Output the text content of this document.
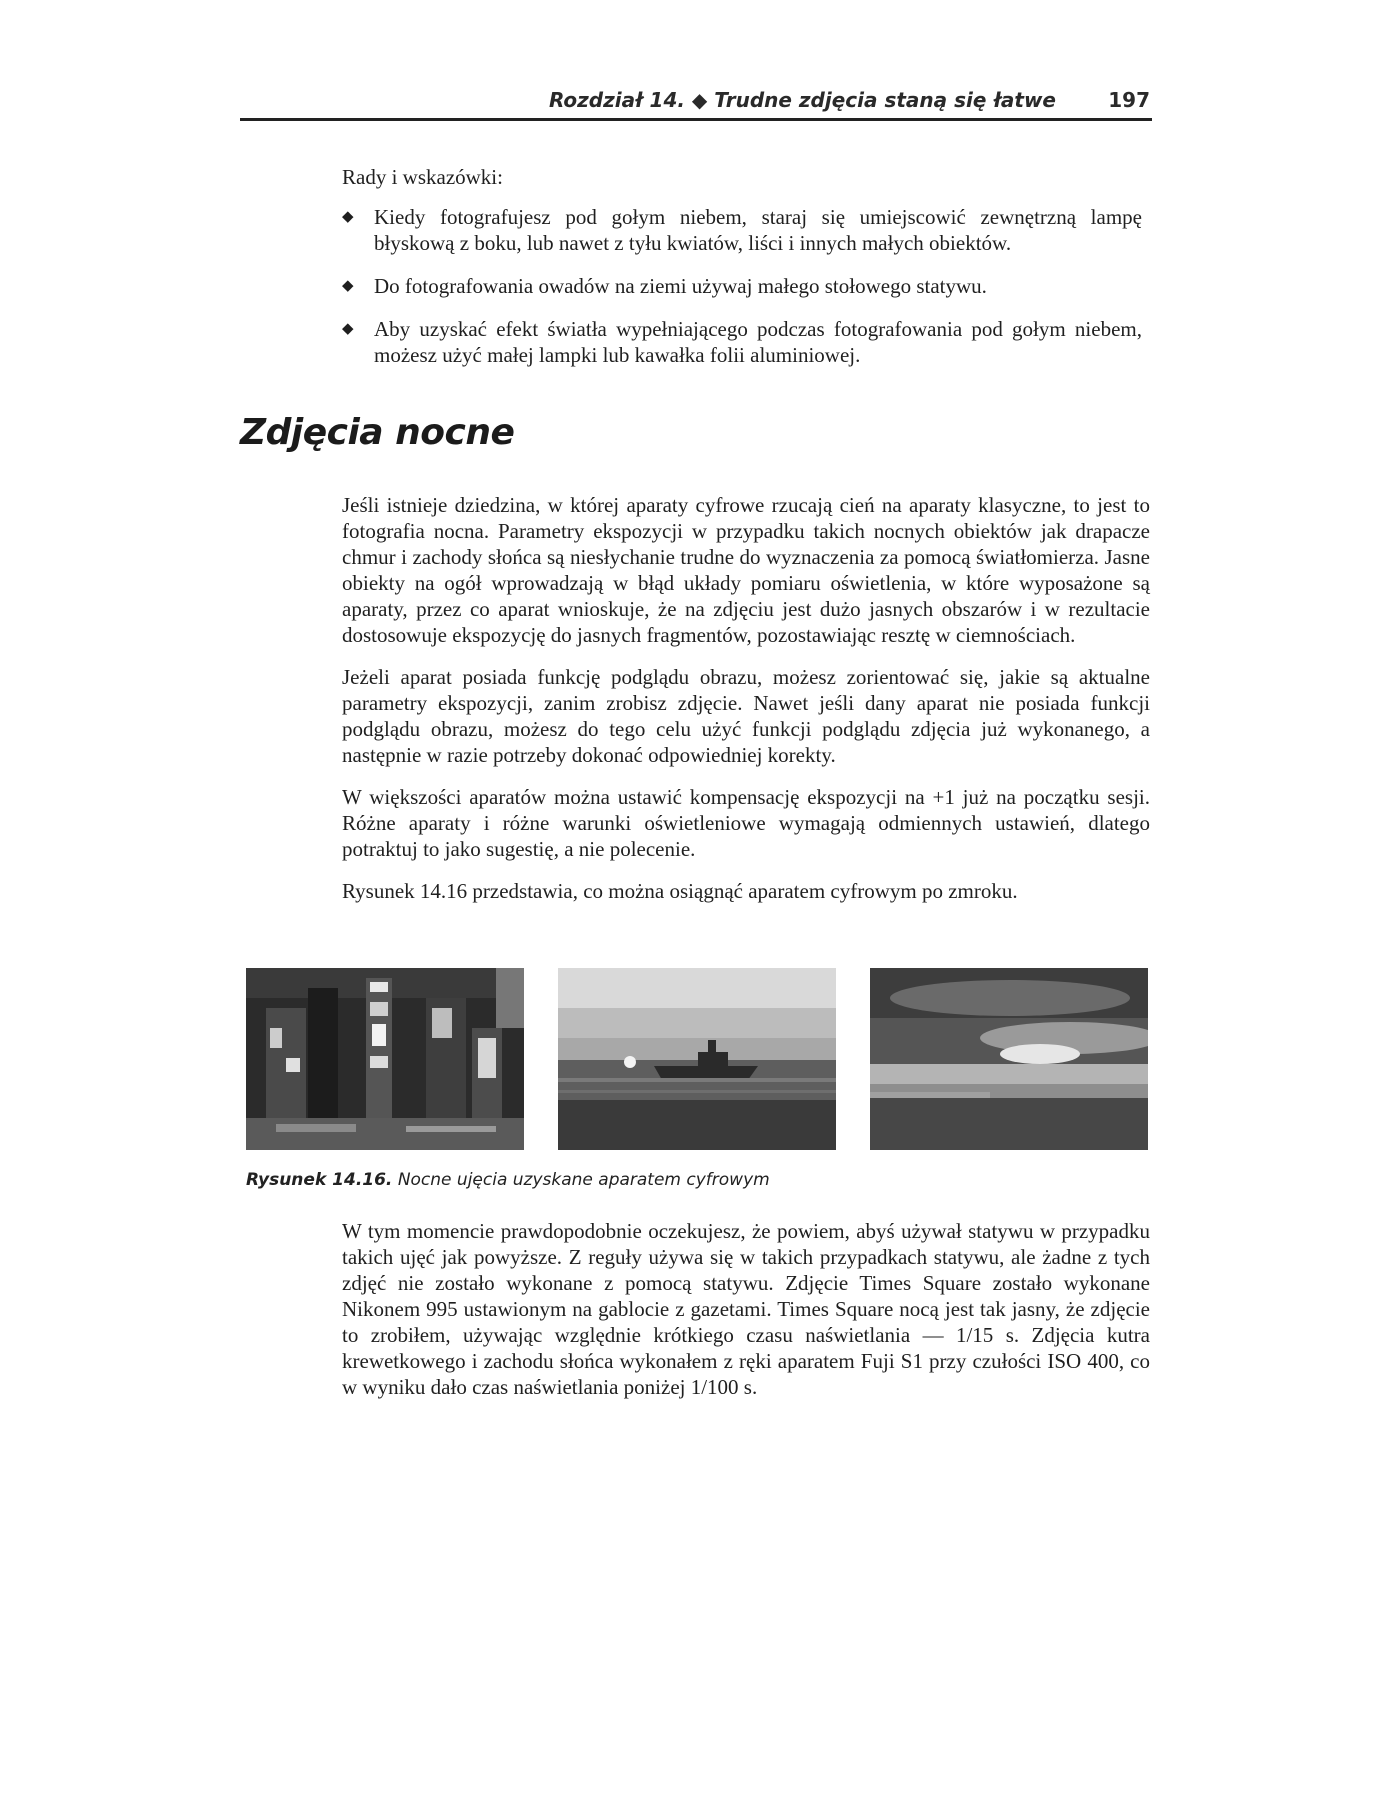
Rozdział 14. ◆ Trudne zdjęcia staną się łatwe	197
Rady i wskazówki:
◆ Kiedy fotografujesz pod gołym niebem, staraj się umiejscowić zewnętrzną lampę błyskową z boku, lub nawet z tyłu kwiatów, liści i innych małych obiektów.
◆ Do fotografowania owadów na ziemi używaj małego stołowego statywu.
◆ Aby uzyskać efekt światła wypełniającego podczas fotografowania pod gołym niebem, możesz użyć małej lampki lub kawałka folii aluminiowej.
Zdjęcia nocne

Jeśli istnieje dziedzina, w której aparaty cyfrowe rzucają cień na aparaty klasyczne, to jest to fotografia nocna. Parametry ekspozycji w przypadku takich nocnych obiektów jak drapacze chmur i zachody słońca są niesłychanie trudne do wyznaczenia za pomocą światłomierza. Jasne obiekty na ogół wprowadzają w błąd układy pomiaru oświetlenia, w które wyposażone są aparaty, przez co aparat wnioskuje, że na zdjęciu jest dużo jasnych obszarów i w rezultacie dostosowuje ekspozycję do jasnych fragmentów, pozostawiając resztę w ciemnościach.

Jeżeli aparat posiada funkcję podglądu obrazu, możesz zorientować się, jakie są aktualne parametry ekspozycji, zanim zrobisz zdjęcie. Nawet jeśli dany aparat nie posiada funkcji podglądu obrazu, możesz do tego celu użyć funkcji podglądu zdjęcia już wykonanego, a następnie w razie potrzeby dokonać odpowiedniej korekty.

W większości aparatów można ustawić kompensację ekspozycji na +1 już na początku sesji. Różne aparaty i różne warunki oświetleniowe wymagają odmiennych ustawień, dlatego potraktuj to jako sugestię, a nie polecenie.

Rysunek 14.16 przedstawia, co można osiągnąć aparatem cyfrowym po zmroku.

Rysunek 14.16. Nocne ujęcia uzyskane aparatem cyfrowym

W tym momencie prawdopodobnie oczekujesz, że powiem, abyś używał statywu w przypadku takich ujęć jak powyższe. Z reguły używa się w takich przypadkach statywu, ale żadne z tych zdjęć nie zostało wykonane z pomocą statywu. Zdjęcie Times Square zostało wykonane Nikonem 995 ustawionym na gablocie z gazetami. Times Square nocą jest tak jasny, że zdjęcie to zrobiłem, używając względnie krótkiego czasu naświetlania — 1/15 s. Zdjęcia kutra krewetkowego i zachodu słońca wykonałem z ręki aparatem Fuji S1 przy czułości ISO 400, co w wyniku dało czas naświetlania poniżej 1/100 s.
